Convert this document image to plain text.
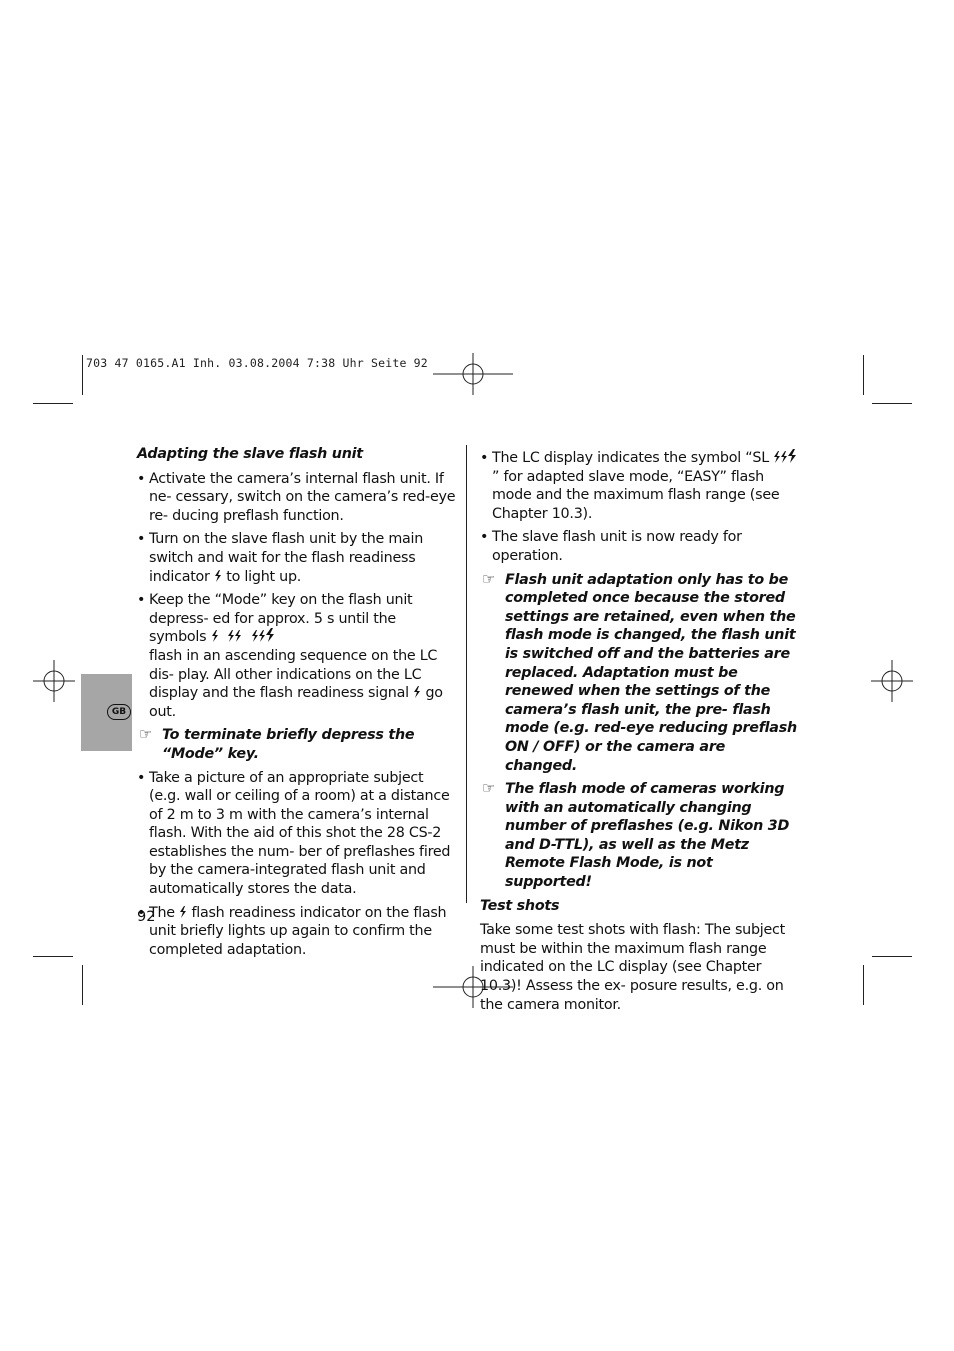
703 47 0165.A1 Inh. 03.08.2004 7:38 Uhr Seite 92
GB
Adapting the slave flash unit
• Activate the camera’s internal flash unit. If ne- cessary, switch on the camera’s red-eye re- ducing preflash function.
• Turn on the slave flash unit by the main switch and wait for the flash readiness indicator to light up.
• Keep the “Mode” key on the flash unit depress- ed for approx. 5 s until the symbols
flash in an ascending sequence on the LC dis- play. All other indications on the LC display and the flash readiness signal go out.
☞ To terminate briefly depress the “Mode” key.
• Take a picture of an appropriate subject (e.g. wall or ceiling of a room) at a distance of 2 m to 3 m with the camera’s internal flash. With the aid of this shot the 28 CS-2 establishes the num- ber of preflashes fired by the camera-integrated flash unit and automatically stores the data.
• The flash readiness indicator on the flash unit briefly lights up again to confirm the completed adaptation.
• The LC display indicates the symbol “SL ” for adapted slave mode, “EASY” flash mode and the maximum flash range (see Chapter 10.3).
• The slave flash unit is now ready for operation.
☞ Flash unit adaptation only has to be completed once because the stored settings are retained, even when the flash mode is changed, the flash unit is switched off and the batteries are replaced. Adaptation must be renewed when the settings of the camera’s flash unit, the pre- flash mode (e.g. red-eye reducing preflash ON / OFF) or the camera are changed.
☞ The flash mode of cameras working with an automatically changing number of preflashes (e.g. Nikon 3D and D-TTL), as well as the Metz Remote Flash Mode, is not supported!
Test shots
Take some test shots with flash: The subject must be within the maximum flash range indicated on the LC display (see Chapter 10.3)! Assess the ex- posure results, e.g. on the camera monitor.
92
